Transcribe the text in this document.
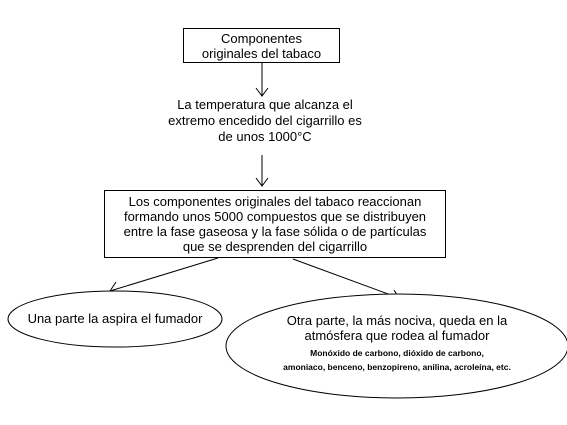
Componentes
originales del tabaco
La temperatura que alcanza el
extremo encedido del cigarrillo es
de unos 1000°C
Los componentes originales del tabaco reaccionan
formando unos 5000 compuestos que se distribuyen
entre la fase gaseosa y la fase sólida o de partículas
que se desprenden del cigarrillo
Una parte la aspira el fumador	Otra parte, la más nociva, queda en la
atmósfera que rodea al fumador
Monóxido de carbono, dióxido de carbono,
amoniaco, benceno, benzopireno, anilina, acroleína, etc.
